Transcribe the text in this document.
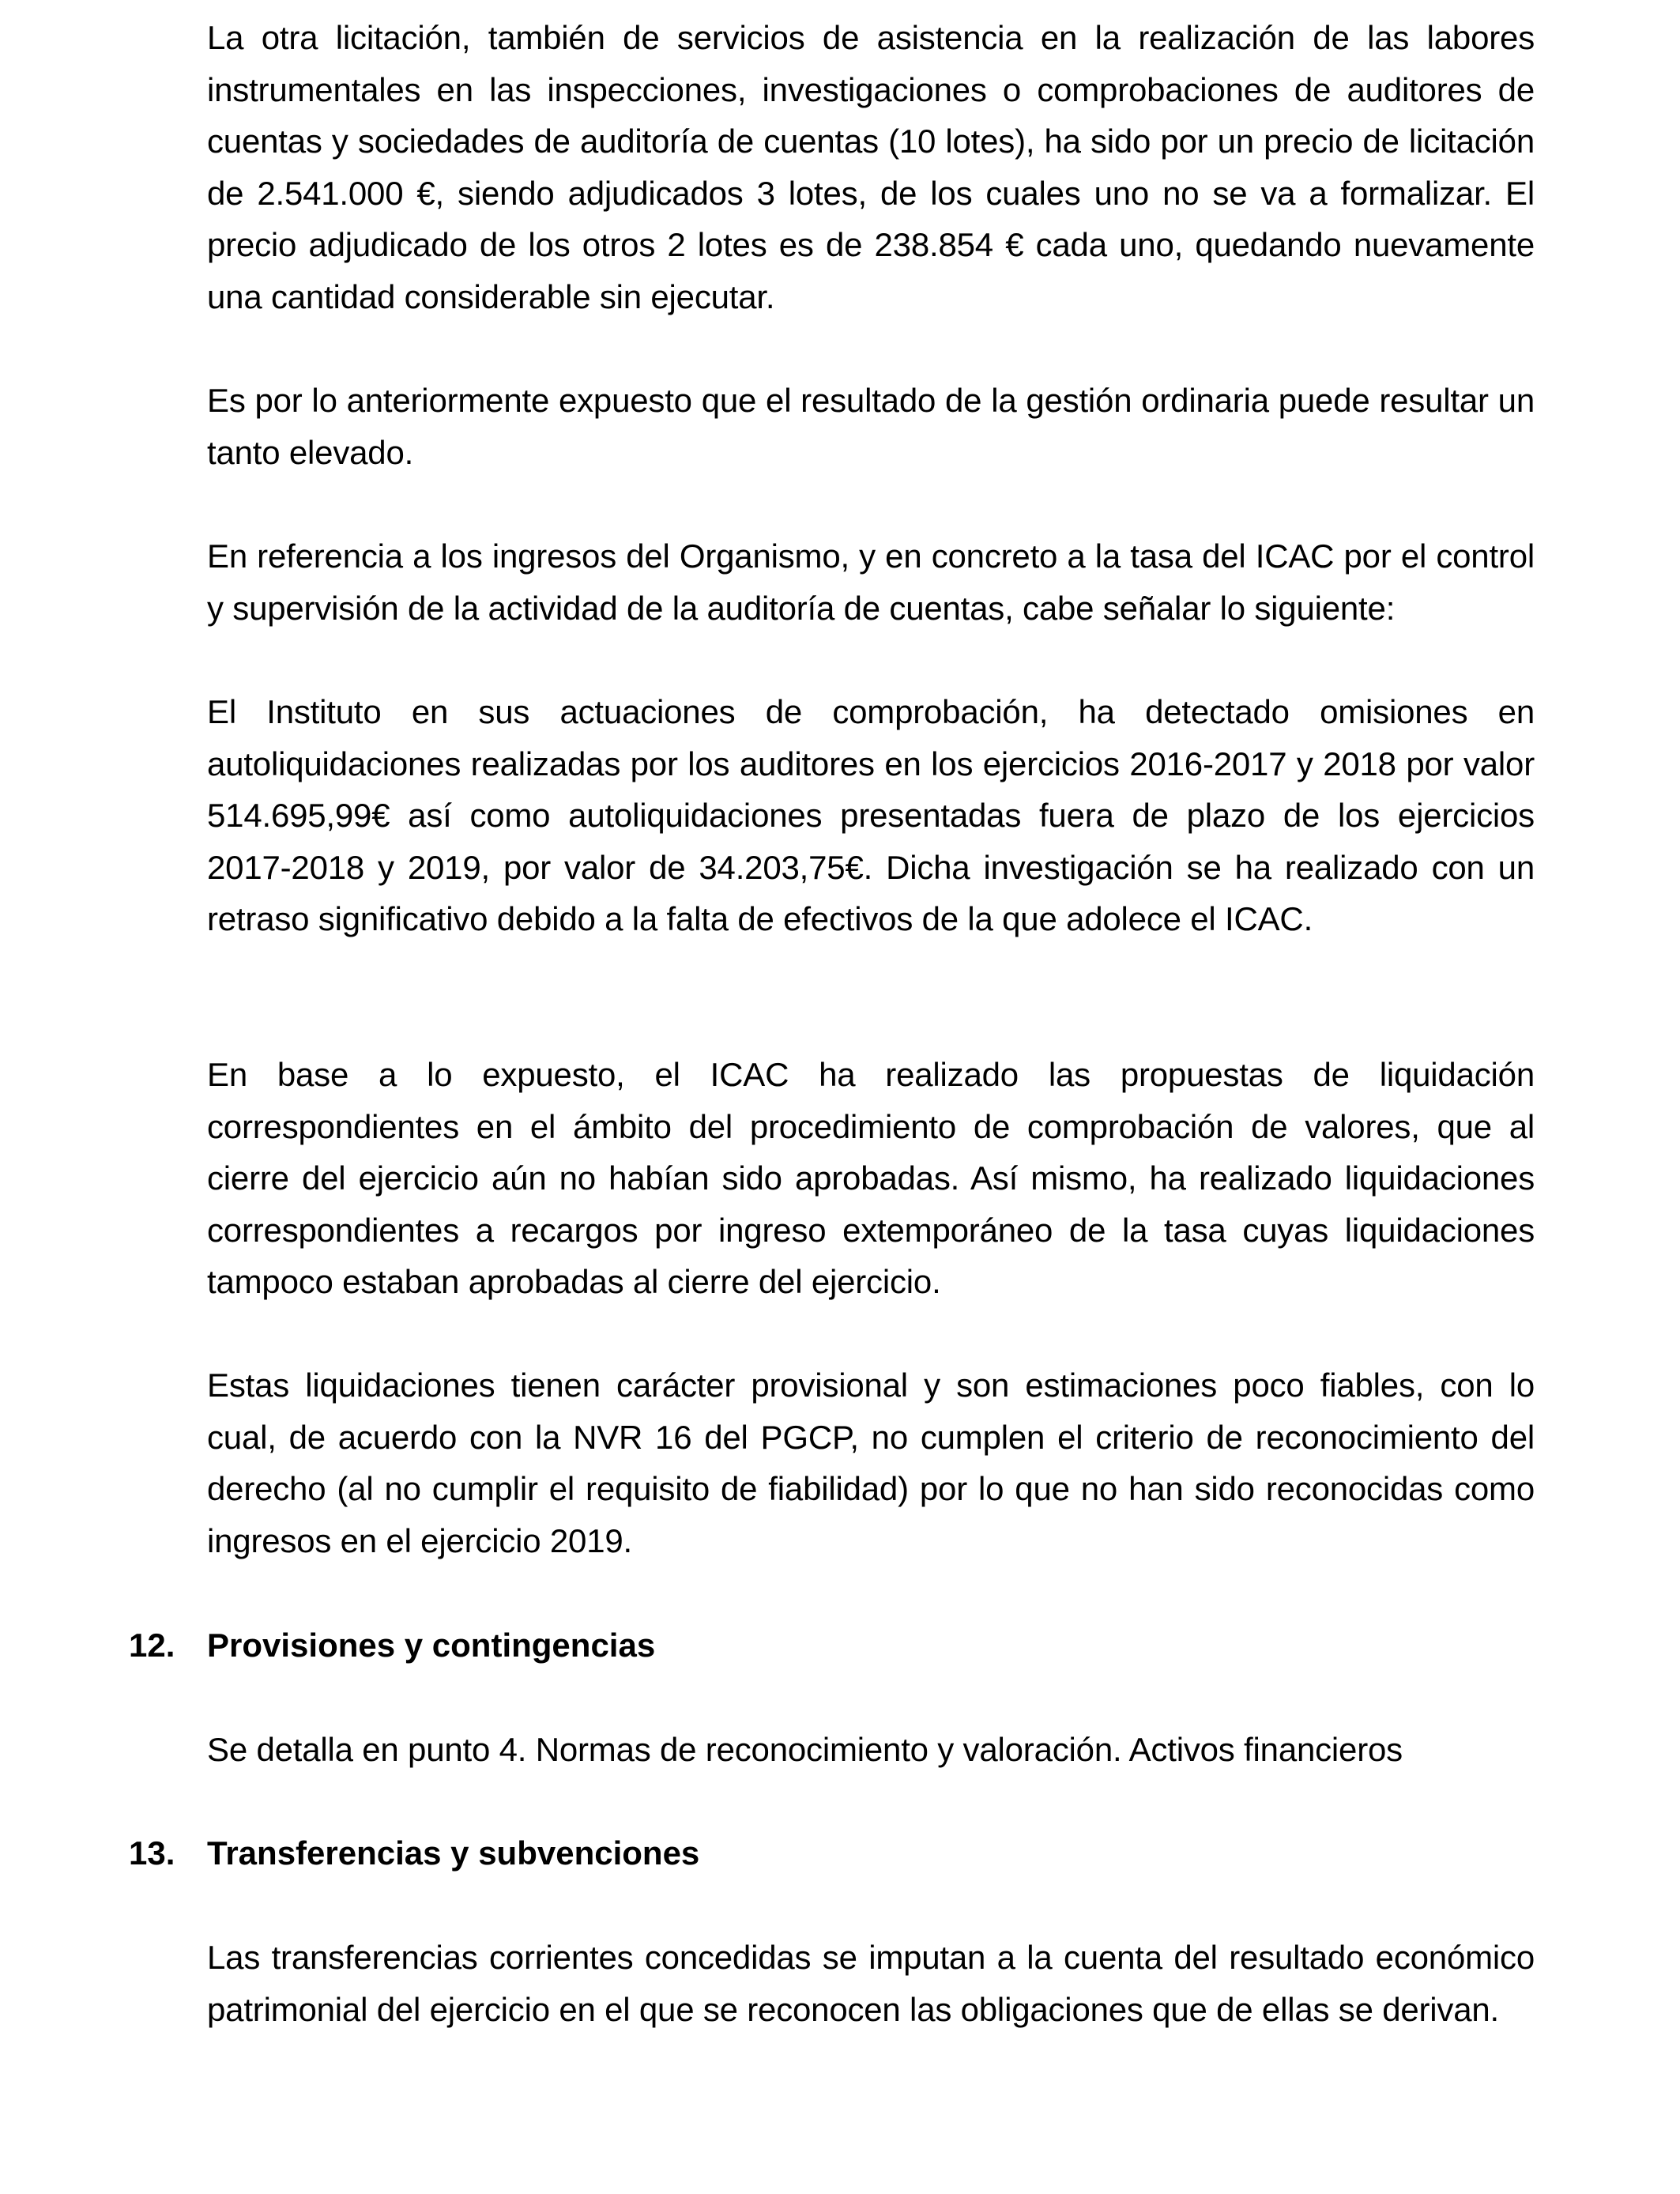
La otra licitación, también de servicios de asistencia en la realización de las labores instrumentales en las inspecciones, investigaciones o comprobaciones de auditores de cuentas y sociedades de auditoría de cuentas (10 lotes), ha sido por un precio de licitación de 2.541.000 €, siendo adjudicados 3 lotes, de los cuales uno no se va a formalizar. El precio adjudicado de los otros 2 lotes es de 238.854 € cada uno, quedando nuevamente una cantidad considerable sin ejecutar.

Es por lo anteriormente expuesto que el resultado de la gestión ordinaria puede resultar un tanto elevado.

En referencia a los ingresos del Organismo, y en concreto a la tasa del ICAC por el control y supervisión de la actividad de la auditoría de cuentas, cabe señalar lo siguiente:

El Instituto en sus actuaciones de comprobación, ha detectado omisiones en autoliquidaciones realizadas por los auditores en los ejercicios 2016-2017 y 2018 por valor 514.695,99€ así como autoliquidaciones presentadas fuera de plazo de los ejercicios 2017-2018 y 2019, por valor de 34.203,75€. Dicha investigación se ha realizado con un retraso significativo debido a la falta de efectivos de la que adolece el ICAC.

En base a lo expuesto, el ICAC ha realizado las propuestas de liquidación correspondientes en el ámbito del procedimiento de comprobación de valores, que al cierre del ejercicio aún no habían sido aprobadas. Así mismo, ha realizado liquidaciones correspondientes a recargos por ingreso extemporáneo de la tasa cuyas liquidaciones tampoco estaban aprobadas al cierre del ejercicio.

Estas liquidaciones tienen carácter provisional y son estimaciones poco fiables, con lo cual, de acuerdo con la NVR 16 del PGCP, no cumplen el criterio de reconocimiento del derecho (al no cumplir el requisito de fiabilidad) por lo que no han sido reconocidas como ingresos en el ejercicio 2019.

12. Provisiones y contingencias

Se detalla en punto 4. Normas de reconocimiento y valoración. Activos financieros

13. Transferencias y subvenciones

Las transferencias corrientes concedidas se imputan a la cuenta del resultado económico patrimonial del ejercicio en el que se reconocen las obligaciones que de ellas se derivan.
